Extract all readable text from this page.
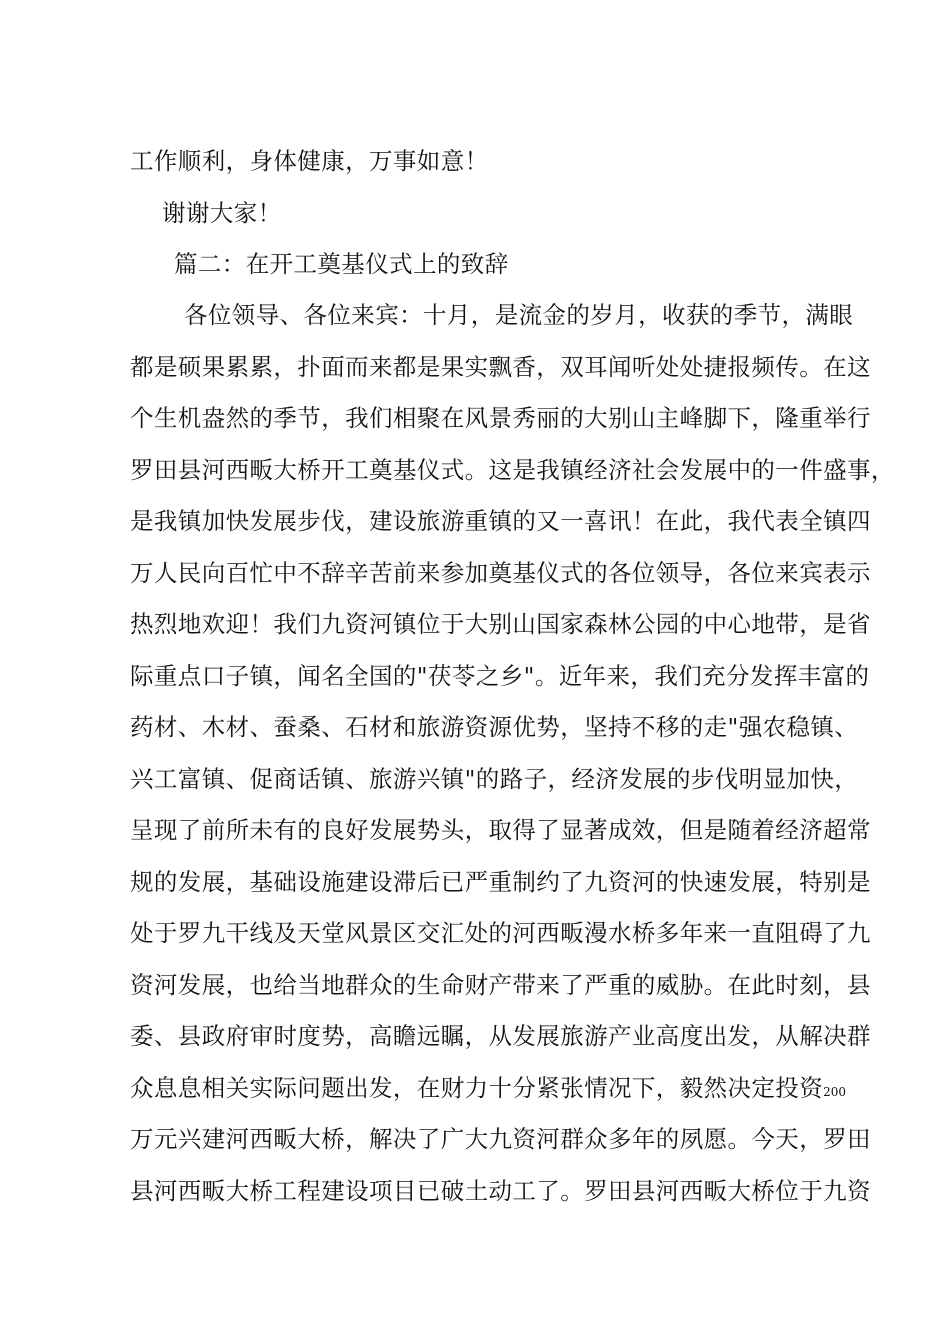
工作顺利，身体健康，万事如意！
谢谢大家！
篇二：在开工奠基仪式上的致辞
各位领导、各位来宾：十月，是流金的岁月，收获的季节，满眼
都是硕果累累，扑面而来都是果实飘香，双耳闻听处处捷报频传。在这
个生机盎然的季节，我们相聚在风景秀丽的大别山主峰脚下，隆重举行
罗田县河西畈大桥开工奠基仪式。这是我镇经济社会发展中的一件盛事，
是我镇加快发展步伐，建设旅游重镇的又一喜讯！在此，我代表全镇四
万人民向百忙中不辞辛苦前来参加奠基仪式的各位领导，各位来宾表示
热烈地欢迎！我们九资河镇位于大别山国家森林公园的中心地带，是省
际重点口子镇，闻名全国的"茯苓之乡"。近年来，我们充分发挥丰富的
药材、木材、蚕桑、石材和旅游资源优势，坚持不移的走"强农稳镇、
兴工富镇、促商话镇、旅游兴镇"的路子，经济发展的步伐明显加快，
呈现了前所未有的良好发展势头，取得了显著成效，但是随着经济超常
规的发展，基础设施建设滞后已严重制约了九资河的快速发展，特别是
处于罗九干线及天堂风景区交汇处的河西畈漫水桥多年来一直阻碍了九
资河发展，也给当地群众的生命财产带来了严重的威胁。在此时刻，县
委、县政府审时度势，高瞻远瞩，从发展旅游产业高度出发，从解决群
众息息相关实际问题出发，在财力十分紧张情况下，毅然决定投资200
万元兴建河西畈大桥，解决了广大九资河群众多年的夙愿。今天，罗田
县河西畈大桥工程建设项目已破土动工了。罗田县河西畈大桥位于九资
